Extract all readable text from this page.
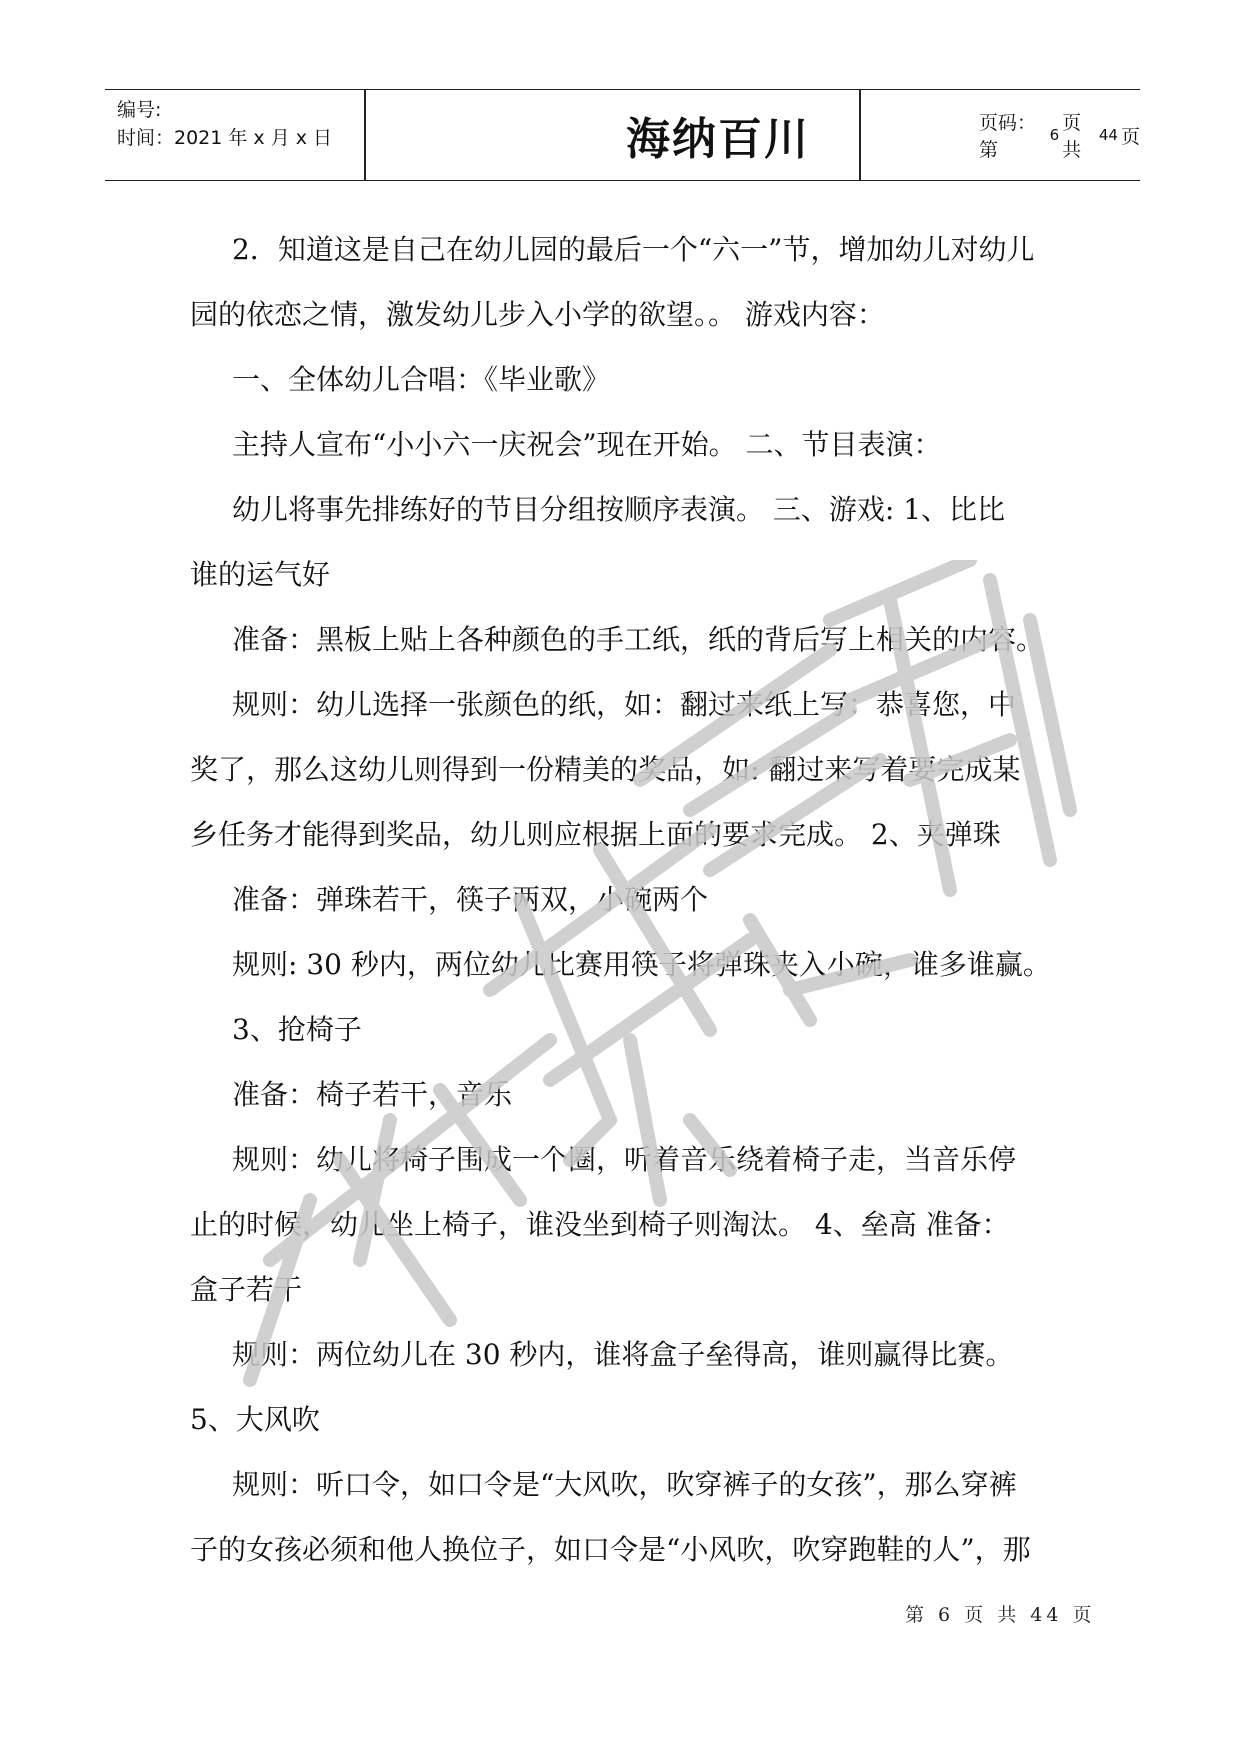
编号:
时间：2021 年 x 月 x 日	海纳百川	页码：第
6
页共
44 页

2．知道这是自己在幼儿园的最后一个“六一”节，增加幼儿对幼儿

园的依恋之情，激发幼儿步入小学的欲望。。 游戏内容：

一、全体幼儿合唱：《毕业歌》

主持人宣布“小小六一庆祝会”现在开始。 二、节目表演：

幼儿将事先排练好的节目分组按顺序表演。 三、游戏: 1、比比

谁的运气好

准备：黑板上贴上各种颜色的手工纸，纸的背后写上相关的内容。

规则：幼儿选择一张颜色的纸，如：翻过来纸上写：恭喜您，中

奖了，那么这幼儿则得到一份精美的奖品，如: 翻过来写着要完成某

乡任务才能得到奖品，幼儿则应根据上面的要求完成。 2、夹弹珠

准备：弹珠若干，筷子两双，小碗两个

规则: 30 秒内，两位幼儿比赛用筷子将弹珠夹入小碗，谁多谁赢。

3、抢椅子

准备：椅子若干，音乐

规则：幼儿将椅子围成一个圈，听着音乐绕着椅子走，当音乐停

止的时候，幼儿坐上椅子，谁没坐到椅子则淘汰。 4、垒高 准备：

盒子若干

规则：两位幼儿在 30 秒内，谁将盒子垒得高，谁则赢得比赛。

5、大风吹

规则：听口令，如口令是“大风吹，吹穿裤子的女孩”，那么穿裤

子的女孩必须和他人换位子，如口令是“小风吹，吹穿跑鞋的人”，那

第 6 页 共 44 页
